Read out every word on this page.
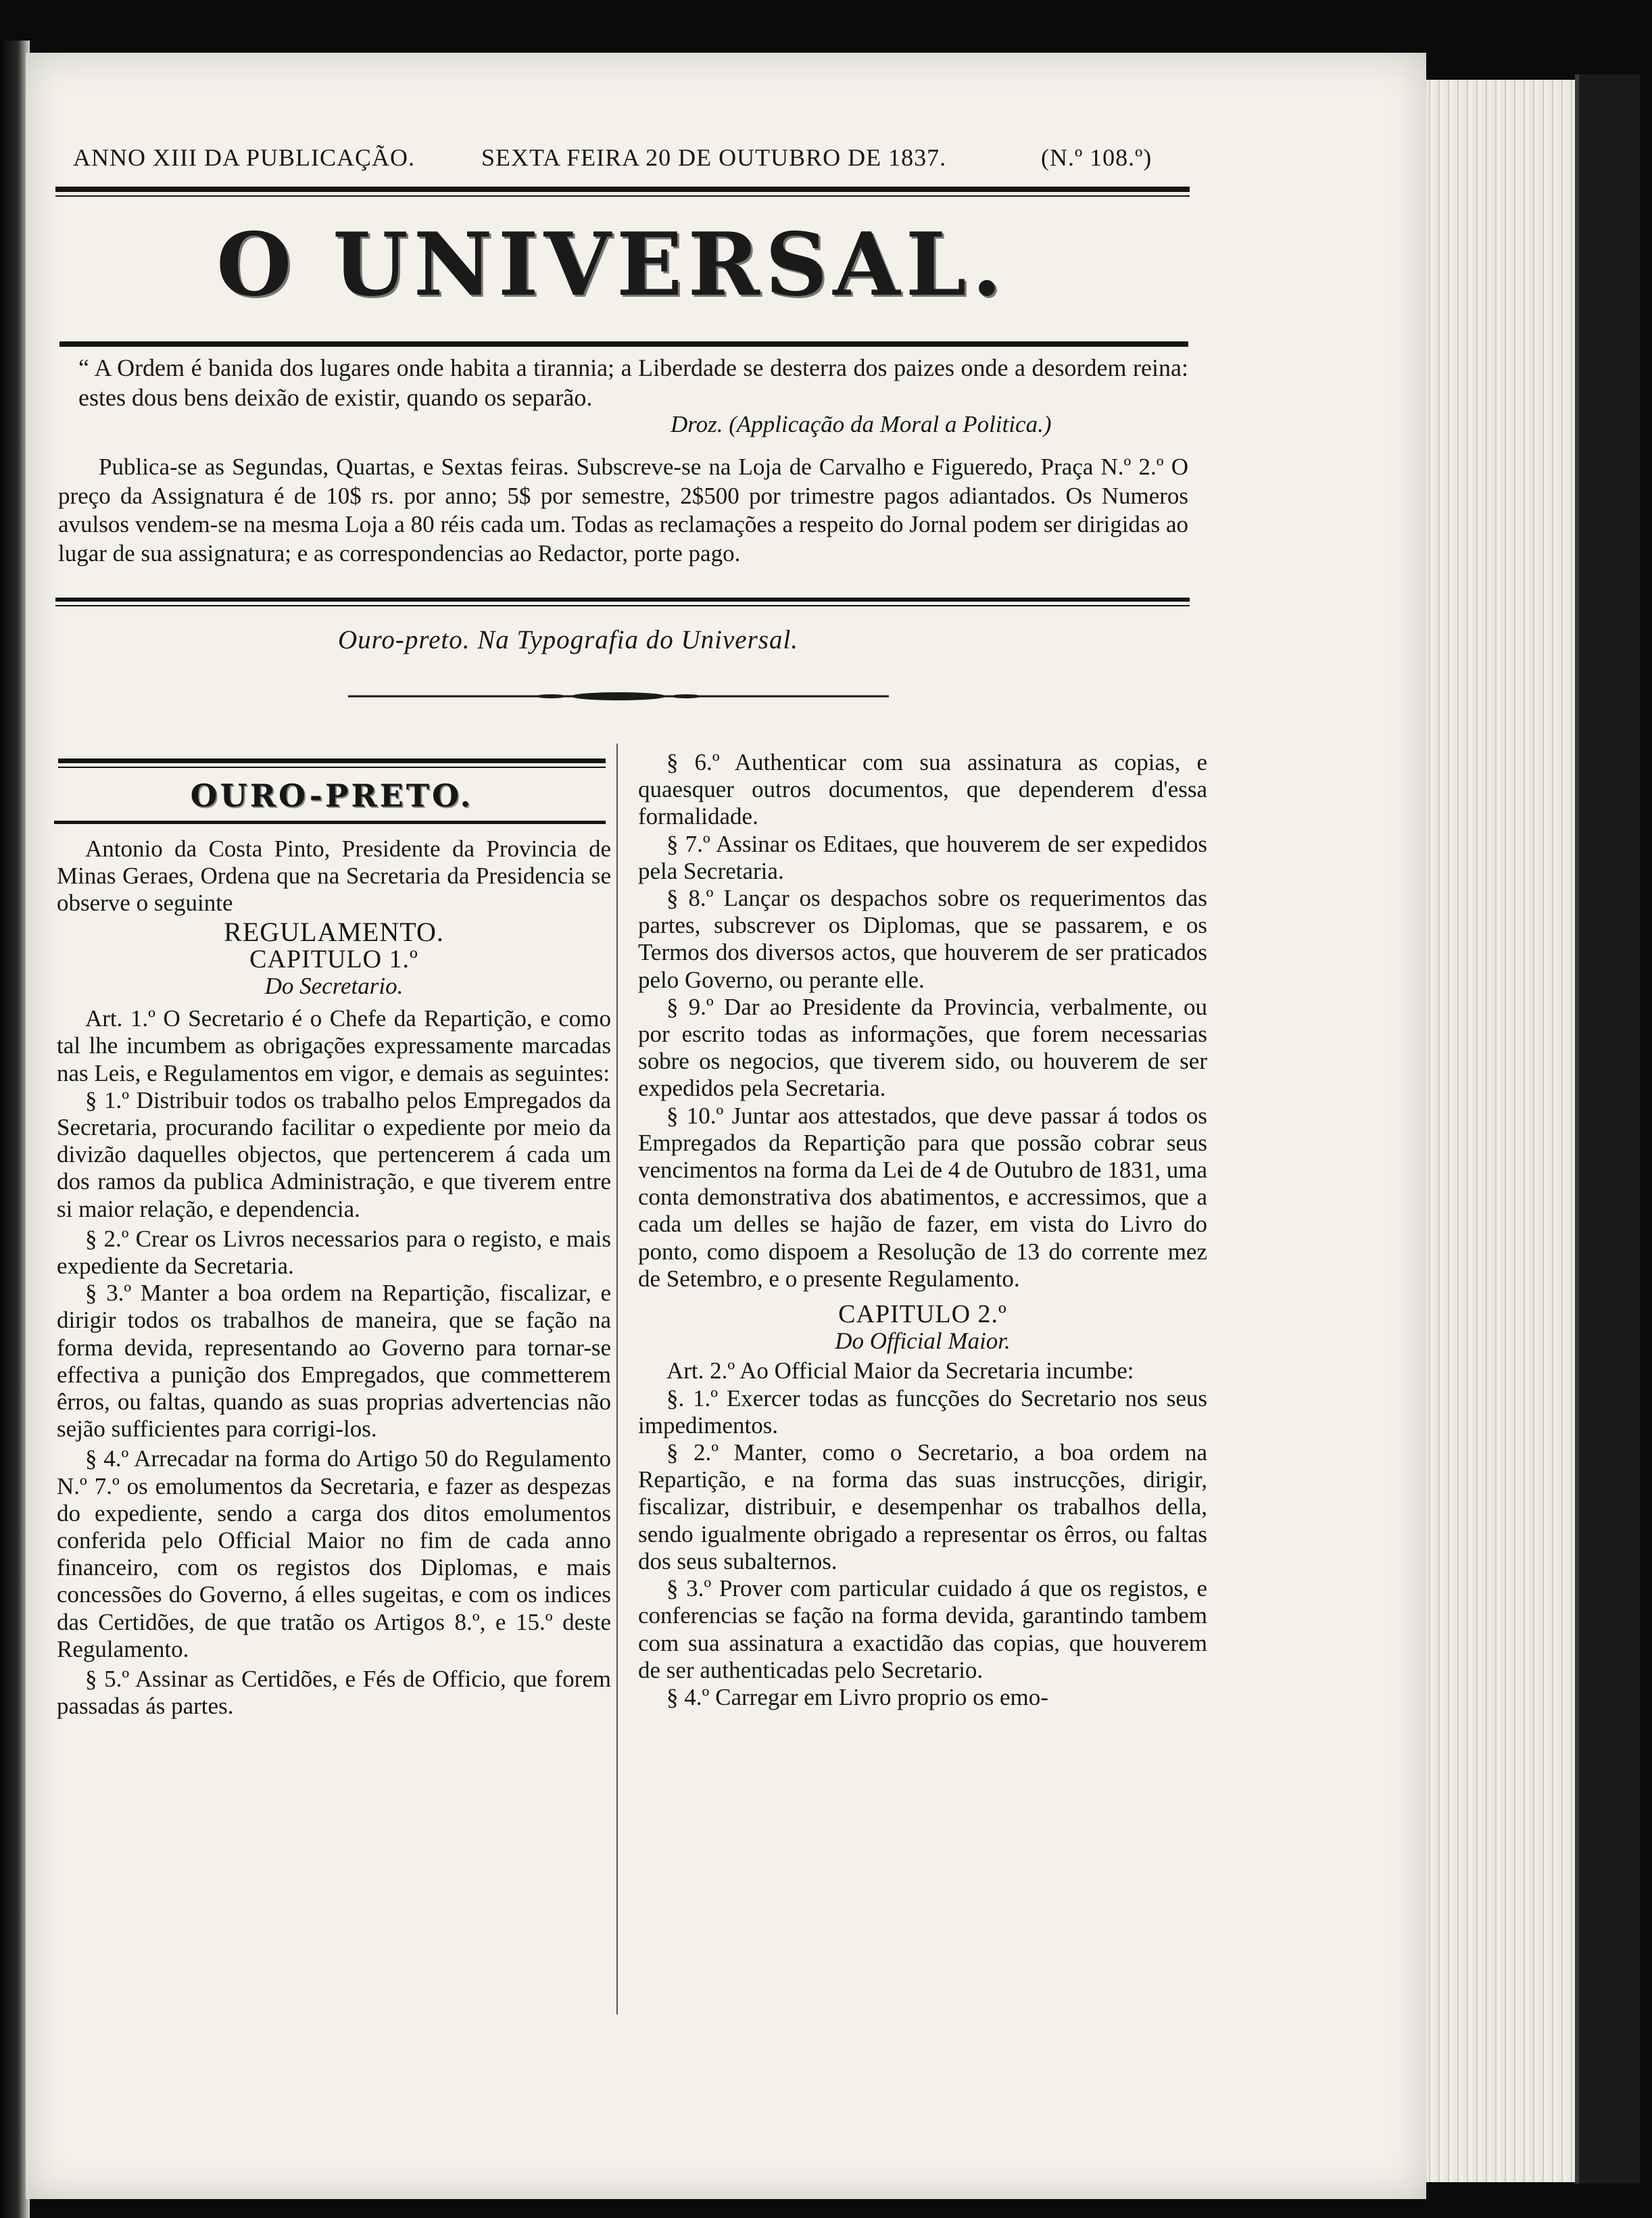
ANNO XIII DA PUBLICAÇÃO.	SEXTA FEIRA 20 DE OUTUBRO DE 1837.	(N.º 108.º)
O UNIVERSAL.
“ A Ordem é banida dos lugares onde habita a tirannia; a Liberdade se desterra dos paizes onde a desordem reina: estes dous bens deixão de existir, quando os separão.
Droz. (Applicação da Moral a Politica.)
Publica-se as Segundas, Quartas, e Sextas feiras. Subscreve-se na Loja de Carvalho e Figueredo, Praça N.º 2.º O preço da Assignatura é de 10$ rs. por anno; 5$ por semestre, 2$500 por trimestre pagos adiantados. Os Numeros avulsos vendem-se na mesma Loja a 80 réis cada um. Todas as reclamações a respeito do Jornal podem ser dirigidas ao lugar de sua assignatura; e as correspondencias ao Redactor, porte pago.
Ouro-preto. Na Typografia do Universal.
OURO-PRETO.

Antonio da Costa Pinto, Presidente da Provincia de Minas Geraes, Ordena que na Secretaria da Presidencia se observe o seguinte

REGULAMENTO.

CAPITULO 1.º

Do Secretario.

Art. 1.º O Secretario é o Chefe da Repartição, e como tal lhe incumbem as obrigações expressamente marcadas nas Leis, e Regulamentos em vigor, e demais as seguintes:

§ 1.º Distribuir todos os trabalho pelos Empregados da Secretaria, procurando facilitar o expediente por meio da divizão daquelles objectos, que pertencerem á cada um dos ramos da publica Administração, e que tiverem entre si maior relação, e dependencia.

§ 2.º Crear os Livros necessarios para o registo, e mais expediente da Secretaria.

§ 3.º Manter a boa ordem na Repartição, fiscalizar, e dirigir todos os trabalhos de maneira, que se fação na forma devida, representando ao Governo para tornar-se effectiva a punição dos Empregados, que commetterem êrros, ou faltas, quando as suas proprias advertencias não sejão sufficientes para corrigi-los.

§ 4.º Arrecadar na forma do Artigo 50 do Regulamento N.º 7.º os emolumentos da Secretaria, e fazer as despezas do expediente, sendo a carga dos ditos emolumentos conferida pelo Official Maior no fim de cada anno financeiro, com os registos dos Diplomas, e mais concessões do Governo, á elles sugeitas, e com os indices das Certidões, de que tratão os Artigos 8.º, e 15.º deste Regulamento.

§ 5.º Assinar as Certidões, e Fés de Officio, que forem passadas ás partes.

§ 6.º Authenticar com sua assinatura as copias, e quaesquer outros documentos, que dependerem d'essa formalidade.

§ 7.º Assinar os Editaes, que houverem de ser expedidos pela Secretaria.

§ 8.º Lançar os despachos sobre os requerimentos das partes, subscrever os Diplomas, que se passarem, e os Termos dos diversos actos, que houverem de ser praticados pelo Governo, ou perante elle.

§ 9.º Dar ao Presidente da Provincia, verbalmente, ou por escrito todas as informações, que forem necessarias sobre os negocios, que tiverem sido, ou houverem de ser expedidos pela Secretaria.

§ 10.º Juntar aos attestados, que deve passar á todos os Empregados da Repartição para que possão cobrar seus vencimentos na forma da Lei de 4 de Outubro de 1831, uma conta demonstrativa dos abatimentos, e accressimos, que a cada um delles se hajão de fazer, em vista do Livro do ponto, como dispoem a Resolução de 13 do corrente mez de Setembro, e o presente Regulamento.

CAPITULO 2.º

Do Official Maior.

Art. 2.º Ao Official Maior da Secretaria incumbe:

§. 1.º Exercer todas as funcções do Secretario nos seus impedimentos.

§ 2.º Manter, como o Secretario, a boa ordem na Repartição, e na forma das suas instrucções, dirigir, fiscalizar, distribuir, e desempenhar os trabalhos della, sendo igualmente obrigado a representar os êrros, ou faltas dos seus subalternos.

§ 3.º Prover com particular cuidado á que os registos, e conferencias se fação na forma devida, garantindo tambem com sua assinatura a exactidão das copias, que houverem de ser authenticadas pelo Secretario.

§ 4.º Carregar em Livro proprio os emo-
